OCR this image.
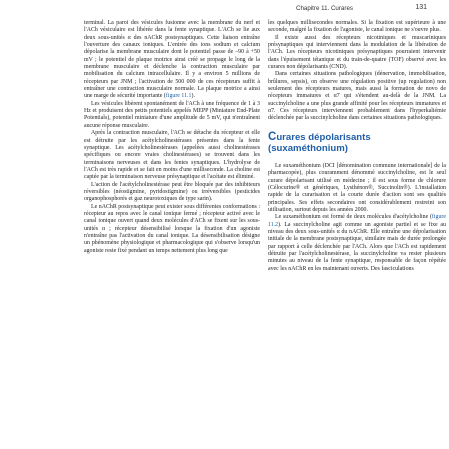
Chapitre 11. Curares	131

terminal. La paroi des vésicules fusionne avec la membrane du nerf et l'ACh vésiculaire est libérée dans la fente synaptique. L'ACh se lie aux deux sous-unités α des nAChR postsynaptiques. Cette liaison entraîne l'ouverture des canaux ioniques. L'entrée des ions sodium et calcium dépolarise la membrane musculaire dont le potentiel passe de –90 à +50 mV ; le potentiel de plaque motrice ainsi créé se propage le long de la membrane musculaire et déclenche la contraction musculaire par mobilisation du calcium intracellulaire. Il y a environ 5 millions de récepteurs par JNM ; l'activation de 500 000 de ces récepteurs suffit à entraîner une contraction musculaire normale. La plaque motrice a ainsi une marge de sécurité importante (figure 11.1).

Les vésicules libèrent spontanément de l'ACh à une fréquence de 1 à 3 Hz et produisent des petits potentiels appelés MEPP (Miniature End-Plate Potentials), potentiel miniature d'une amplitude de 5 mV, qui n'entraînent aucune réponse musculaire.

Après la contraction musculaire, l'ACh se détache du récepteur et elle est détruite par les acétylcholinestérases présentes dans la fente synaptique. Les acétylcholinestérases (appelées aussi cholinestérases spécifiques ou encore vraies cholinestérases) se trouvent dans les terminaisons nerveuses et dans les fentes synaptiques. L'hydrolyse de l'ACh est très rapide et se fait en moins d'une milliseconde. La choline est captée par la terminaison nerveuse présynaptique et l'acétate est éliminé.

L'action de l'acétylcholinestérase peut être bloquée par des inhibiteurs réversibles (néostigmine, pyridostigmine) ou irréversibles (pesticides organophosphorés et gaz neurotoxiques de type sarin).

Le nAChR postsynaptique peut exister sous différentes conformations : récepteur au repos avec le canal ionique fermé ; récepteur activé avec le canal ionique ouvert quand deux molécules d'ACh se fixent sur les sous-unités α ; récepteur désensibilisé lorsque la fixation d'un agoniste n'entraîne pas l'activation du canal ionique. La désensibilisation désigne un phénomène physiologique et pharmacologique qui s'observe lorsqu'un agoniste reste fixé pendant un temps nettement plus long que

les quelques millisecondes normales. Si la fixation est supérieure à une seconde, malgré la fixation de l'agoniste, le canal ionique ne s'ouvre plus.

Il existe aussi des récepteurs nicotiniques et muscariniques présynaptiques qui interviennent dans la modulation de la libération de l'ACh. Les récepteurs nicotiniques présynaptiques pourraient intervenir dans l'épuisement tétanique et du train-de-quatre (TOF) observé avec les curares non dépolarisants (CND).

Dans certaines situations pathologiques (dénervation, immobilisation, brûlures, sepsis), on observe une régulation positive (up regulation) non seulement des récepteurs matures, mais aussi la formation de novo de récepteurs immatures et α7 qui s'étendent au-delà de la JNM. La succinylcholine a une plus grande affinité pour les récepteurs immatures et α7. Ces récepteurs interviennent probablement dans l'hyperkaliémie déclenchée par la succinylcholine dans certaines situations pathologiques.

Curares dépolarisants
(suxaméthonium)

Le suxaméthonium (DCI [dénomination commune internationale] de la pharmacopée), plus couramment dénommé succinylcholine, est le seul curare dépolarisant utilisé en médecine ; il est sous forme de chlorure (Célocurine® et génériques, Lysthénon®, Succinolin®). L'installation rapide de la curarisation et la courte durée d'action sont ses qualités principales. Ses effets secondaires ont considérablement restreint son utilisation, surtout depuis les années 2000.

Le suxaméthonium est formé de deux molécules d'acétylcholine (figure 11.2). La succinylcholine agit comme un agoniste partiel et se fixe au niveau des deux sous-unités α du nAChR. Elle entraîne une dépolarisation initiale de la membrane postsynaptique, similaire mais de durée prolongée par rapport à celle déclenchée par l'ACh. Alors que l'ACh est rapidement détruite par l'acétylcholinestérase, la succinylcholine va rester plusieurs minutes au niveau de la fente synaptique, responsable de façon répétée avec les nAChR en les maintenant ouverts. Des fasciculations
